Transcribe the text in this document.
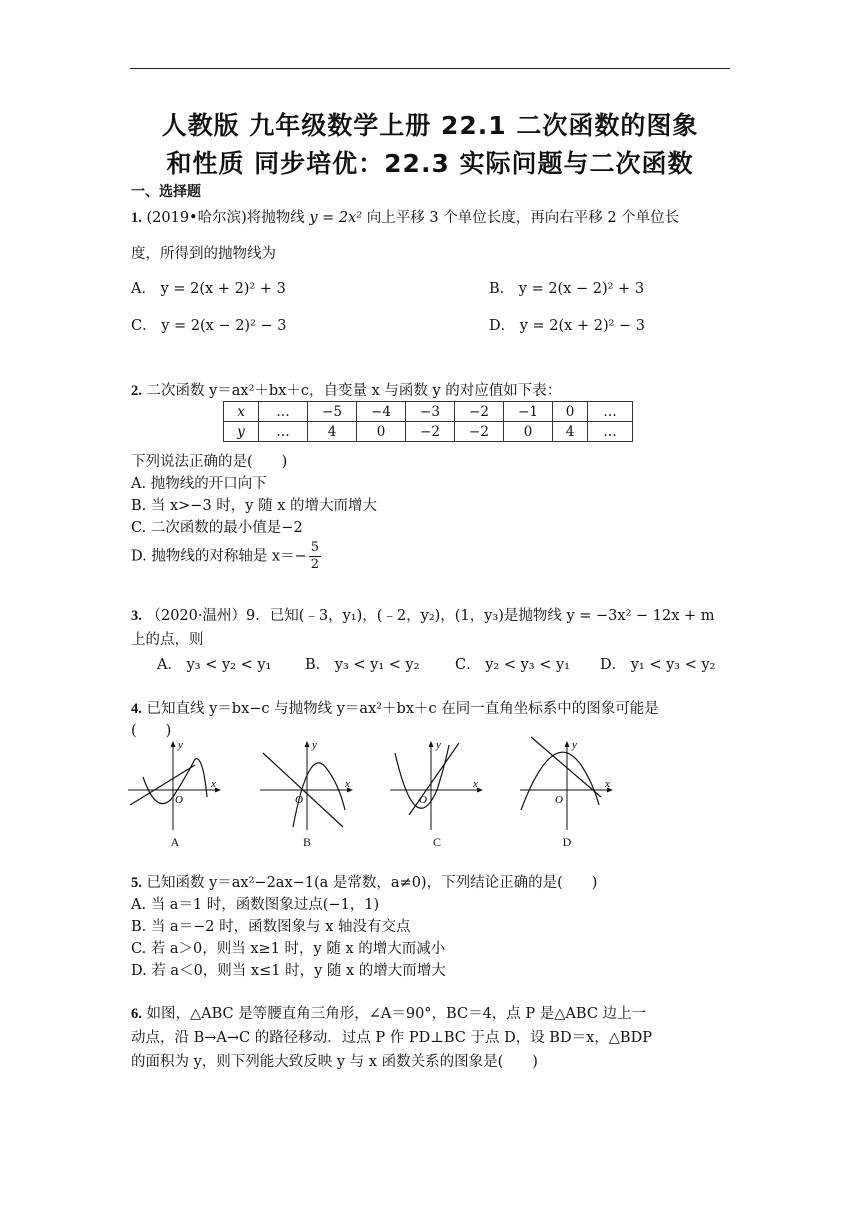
人教版 九年级数学上册 22.1 二次函数的图象
和性质 同步培优：22.3 实际问题与二次函数
一、选择题
1. (2019•哈尔滨)将抛物线 y = 2x² 向上平移 3 个单位长度，再向右平移 2 个单位长
度，所得到的抛物线为
A． y = 2(x + 2)² + 3	B． y = 2(x − 2)² + 3
C． y = 2(x − 2)² − 3	D． y = 2(x + 2)² − 3
2. 二次函数 y＝ax²＋bx＋c，自变量 x 与函数 y 的对应值如下表：
x	…	−5	−4	−3	−2	−1	0	…
y	…	4	0	−2	−2	0	4	…
下列说法正确的是(　　)
A. 抛物线的开口向下
B. 当 x>−3 时，y 随 x 的增大而增大
C. 二次函数的最小值是−2
D. 抛物线的对称轴是 $x=- \frac{5}{2}$
3. （2020·温州）9．已知(﹣3，y₁)，(﹣2，y₂)，(1，y₃)是抛物线 y = −3x² − 12x + m
上的点，则
A． y₃ < y₂ < y₁ B． y₃ < y₁ < y₂ C． y₂ < y₃ < y₁ D． y₁ < y₃ < y₂
4. 已知直线 y＝bx−c 与抛物线 y＝ax²＋bx＋c 在同一直角坐标系中的图象可能是
(　　)
y
x
O
A
y
x
O
B
y
x
O
C
y
x
O
D
5. 已知函数 y＝ax²−2ax−1(a 是常数，a≠0)，下列结论正确的是(　　)
A. 当 a＝1 时，函数图象过点(−1，1)
B. 当 a＝−2 时，函数图象与 x 轴没有交点
C. 若 a＞0，则当 x≥1 时，y 随 x 的增大而减小
D. 若 a＜0，则当 x≤1 时，y 随 x 的增大而增大
6. 如图，△ABC 是等腰直角三角形，∠A＝90°，BC＝4，点 P 是△ABC 边上一
动点，沿 B→A→C 的路径移动．过点 P 作 PD⊥BC 于点 D，设 BD＝x，△BDP
的面积为 y，则下列能大致反映 y 与 x 函数关系的图象是(　　)
